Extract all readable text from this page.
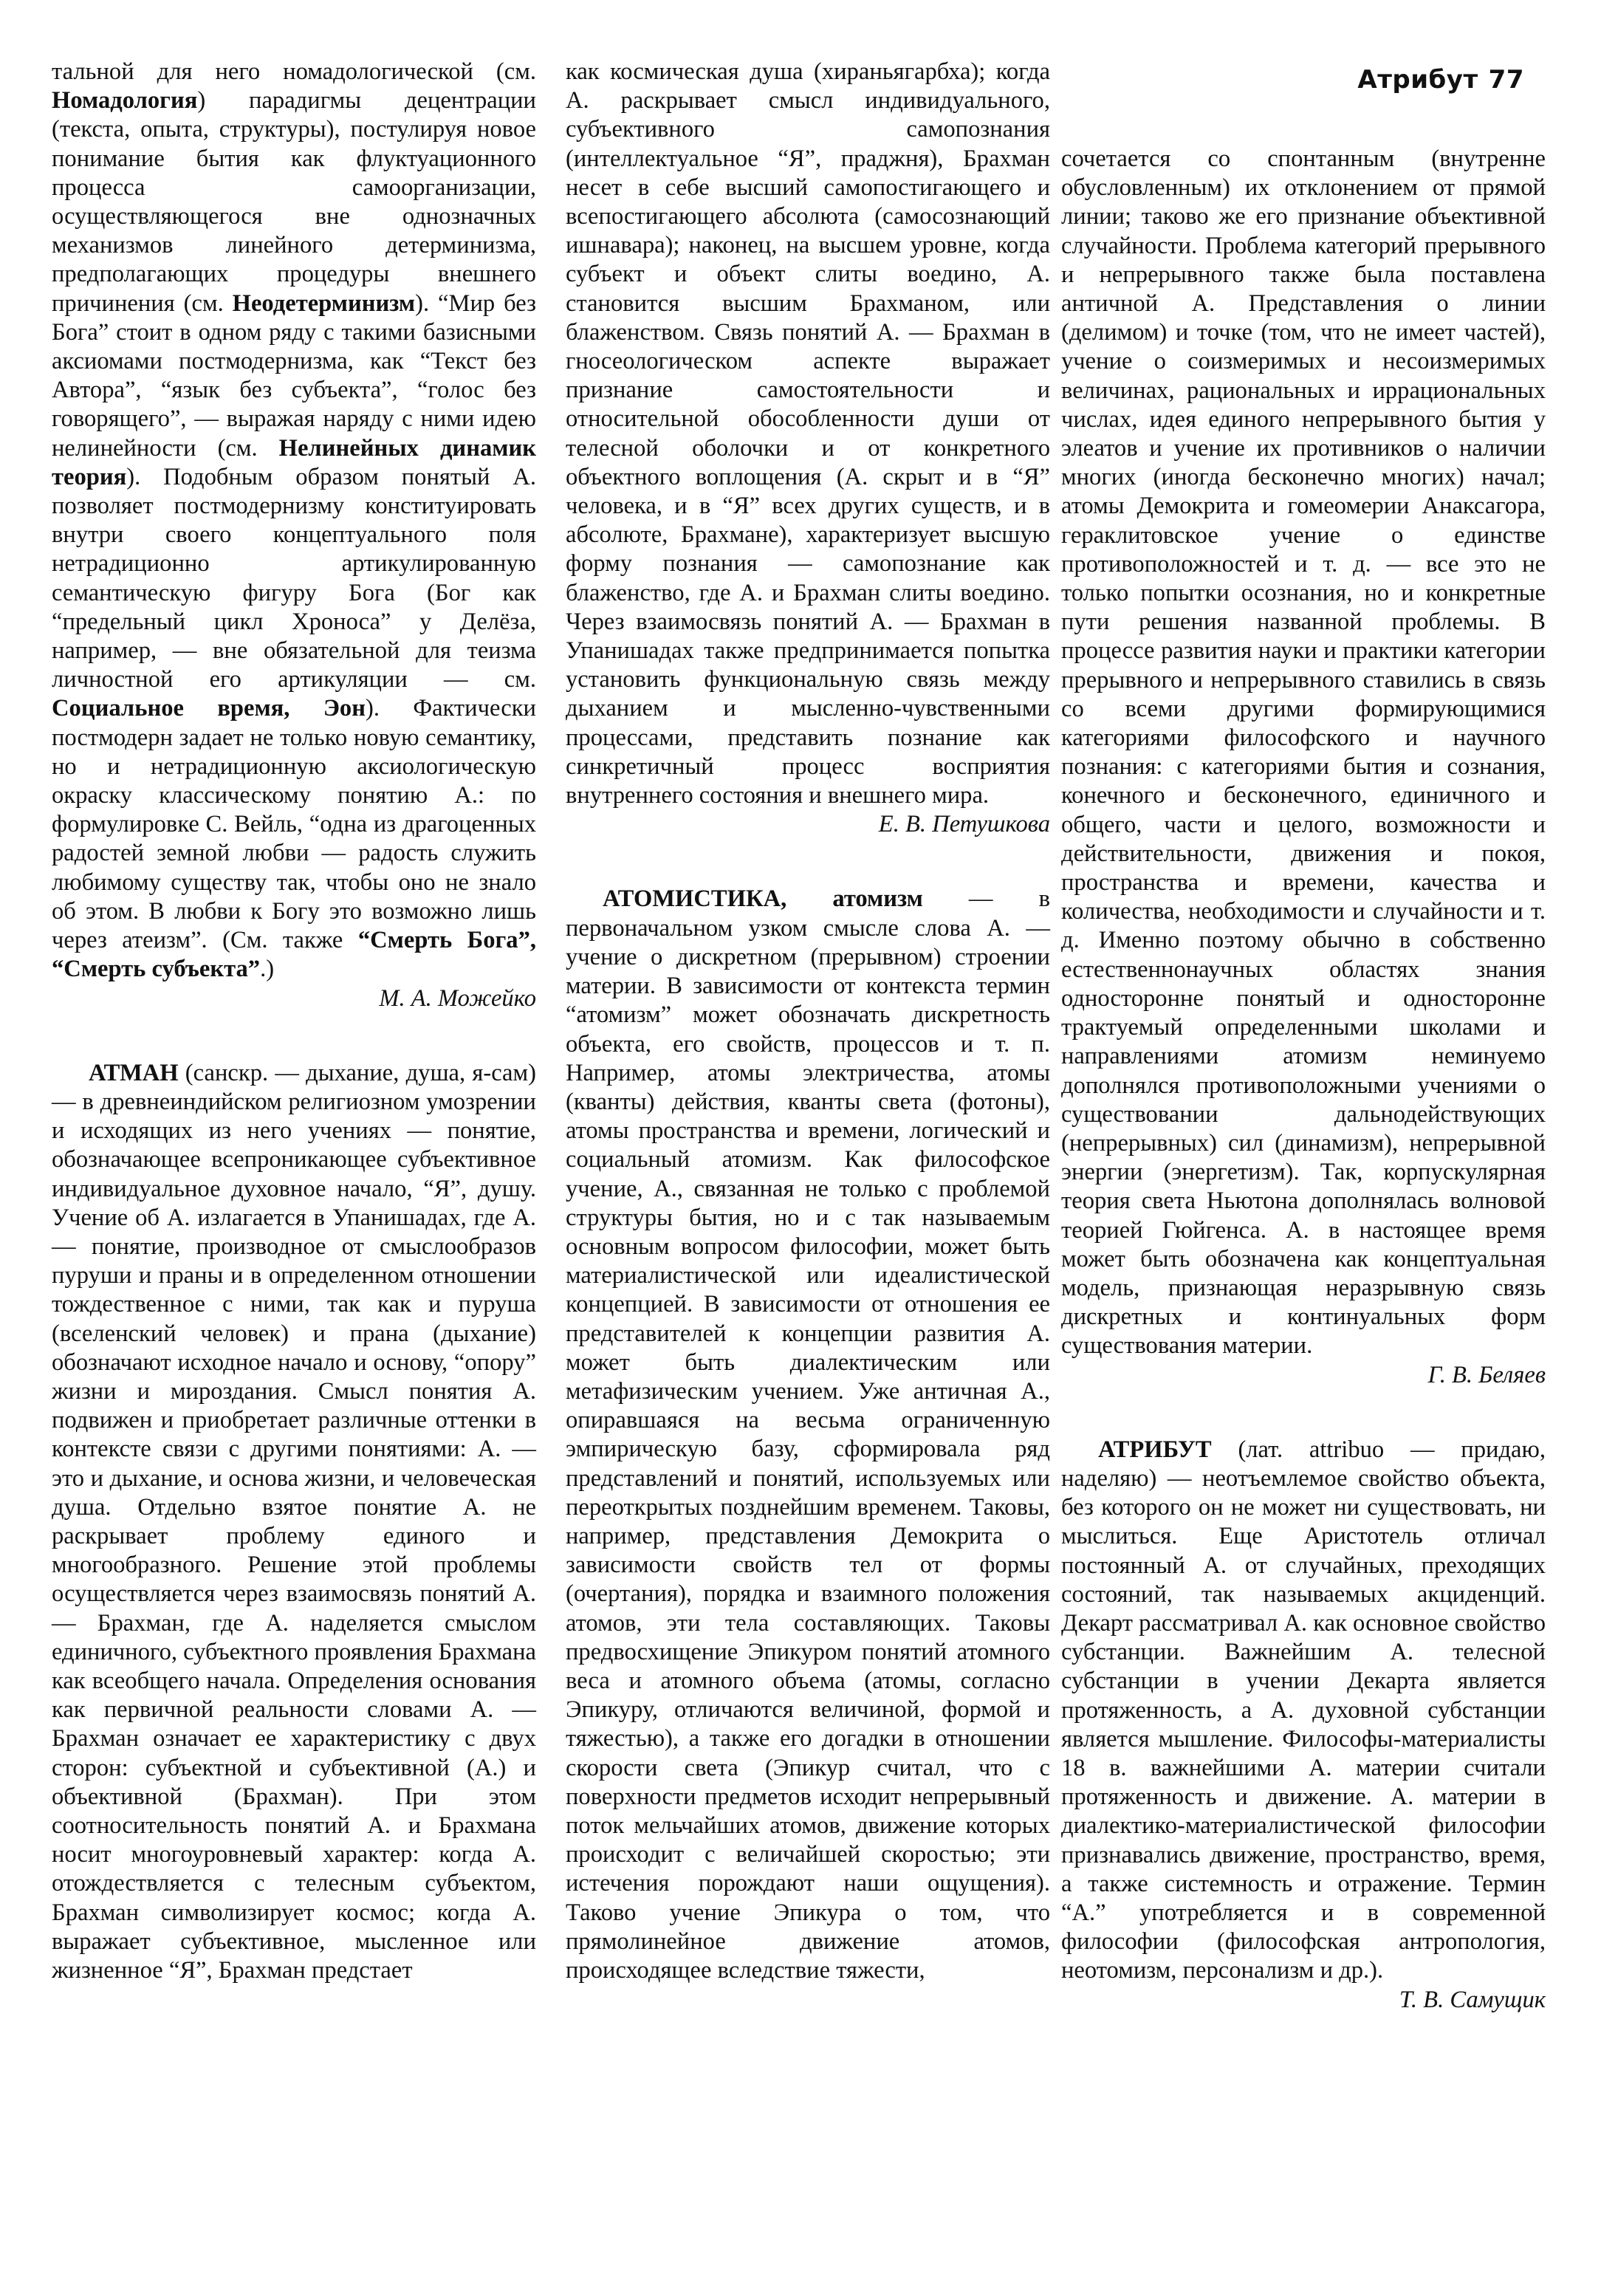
Атрибут 77

тальной для него номадологической (см. Номадология) парадигмы децентрации (текста, опыта, структуры), постулируя новое понимание бытия как флуктуационного процесса самоорганизации, осуществляющегося вне однозначных механизмов линейного детерминизма, предполагающих процедуры внешнего причинения (см. Неодетерминизм). “Мир без Бога” стоит в одном ряду с такими базисными аксиомами постмодернизма, как “Текст без Автора”, “язык без субъекта”, “голос без говорящего”, — выражая наряду с ними идею нелинейности (см. Нелинейных динамик теория). Подобным образом понятый А. позволяет постмодернизму конституировать внутри своего концептуального поля нетрадиционно артикулированную семантическую фигуру Бога (Бог как “предельный цикл Хроноса” у Делёза, например, — вне обязательной для теизма личностной его артикуляции — см. Социальное время, Эон). Фактически постмодерн задает не только новую семантику, но и нетрадиционную аксиологическую окраску классическому понятию А.: по формулировке С. Вейль, “одна из драгоценных радостей земной любви — радость служить любимому существу так, чтобы оно не знало об этом. В любви к Богу это возможно лишь через атеизм”. (См. также “Смерть Бога”, “Смерть субъекта”.)

М. А. Можейко

АТМАН (санскр. — дыхание, душа, я-сам) — в древнеиндийском религиозном умозрении и исходящих из него учениях — понятие, обозначающее всепроникающее субъективное индивидуальное духовное начало, “Я”, душу. Учение об А. излагается в Упанишадах, где А. — понятие, производное от смыслообразов пуруши и праны и в определенном отношении тождественное с ними, так как и пуруша (вселенский человек) и прана (дыхание) обозначают исходное начало и основу, “опору” жизни и мироздания. Смысл понятия А. подвижен и приобретает различные оттенки в контексте связи с другими понятиями: А. — это и дыхание, и основа жизни, и человеческая душа. Отдельно взятое понятие А. не раскрывает проблему единого и многообразного. Решение этой проблемы осуществляется через взаимосвязь понятий А. — Брахман, где А. наделяется смыслом единичного, субъектного проявления Брахмана как всеобщего начала. Определения основания как первичной реальности словами А. — Брахман означает ее характеристику с двух сторон: субъектной и субъективной (А.) и объективной (Брахман). При этом соотносительность понятий А. и Брахмана носит многоуровневый характер: когда А. отождествляется с телесным субъектом, Брахман символизирует космос; когда А. выражает субъективное, мысленное или жизненное “Я”, Брахман предстает

как космическая душа (хираньягарбха); когда А. раскрывает смысл индивидуального, субъективного самопознания (интеллектуальное “Я”, праджня), Брахман несет в себе высший самопостигающего и всепостигающего абсолюта (самосознающий ишнавара); наконец, на высшем уровне, когда субъект и объект слиты воедино, А. становится высшим Брахманом, или блаженством. Связь понятий А. — Брахман в гносеологическом аспекте выражает признание самостоятельности и относительной обособленности души от телесной оболочки и от конкретного объектного воплощения (А. скрыт и в “Я” человека, и в “Я” всех других существ, и в абсолюте, Брахмане), характеризует высшую форму познания — самопознание как блаженство, где А. и Брахман слиты воедино. Через взаимосвязь понятий А. — Брахман в Упанишадах также предпринимается попытка установить функциональную связь между дыханием и мысленно-чувственными процессами, представить познание как синкретичный процесс восприятия внутреннего состояния и внешнего мира.

Е. В. Петушкова

АТОМИСТИКА, атомизм — в первоначальном узком смысле слова А. — учение о дискретном (прерывном) строении материи. В зависимости от контекста термин “атомизм” может обозначать дискретность объекта, его свойств, процессов и т. п. Например, атомы электричества, атомы (кванты) действия, кванты света (фотоны), атомы пространства и времени, логический и социальный атомизм. Как философское учение, А., связанная не только с проблемой структуры бытия, но и с так называемым основным вопросом философии, может быть материалистической или идеалистической концепцией. В зависимости от отношения ее представителей к концепции развития А. может быть диалектическим или метафизическим учением. Уже античная А., опиравшаяся на весьма ограниченную эмпирическую базу, сформировала ряд представлений и понятий, используемых или переоткрытых позднейшим временем. Таковы, например, представления Демокрита о зависимости свойств тел от формы (очертания), порядка и взаимного положения атомов, эти тела составляющих. Таковы предвосхищение Эпикуром понятий атомного веса и атомного объема (атомы, согласно Эпикуру, отличаются величиной, формой и тяжестью), а также его догадки в отношении скорости света (Эпикур считал, что с поверхности предметов исходит непрерывный поток мельчайших атомов, движение которых происходит с величайшей скоростью; эти истечения порождают наши ощущения). Таково учение Эпикура о том, что прямолинейное движение атомов, происходящее вследствие тяжести,

сочетается со спонтанным (внутренне обусловленным) их отклонением от прямой линии; таково же его признание объективной случайности. Проблема категорий прерывного и непрерывного также была поставлена античной А. Представления о линии (делимом) и точке (том, что не имеет частей), учение о соизмеримых и несоизмеримых величинах, рациональных и иррациональных числах, идея единого непрерывного бытия у элеатов и учение их противников о наличии многих (иногда бесконечно многих) начал; атомы Демокрита и гомеомерии Анаксагора, гераклитовское учение о единстве противоположностей и т. д. — все это не только попытки осознания, но и конкретные пути решения названной проблемы. В процессе развития науки и практики категории прерывного и непрерывного ставились в связь со всеми другими формирующимися категориями философского и научного познания: с категориями бытия и сознания, конечного и бесконечного, единичного и общего, части и целого, возможности и действительности, движения и покоя, пространства и времени, качества и количества, необходимости и случайности и т. д. Именно поэтому обычно в собственно естественнонаучных областях знания односторонне понятый и односторонне трактуемый определенными школами и направлениями атомизм неминуемо дополнялся противоположными учениями о существовании дальнодействующих (непрерывных) сил (динамизм), непрерывной энергии (энергетизм). Так, корпускулярная теория света Ньютона дополнялась волновой теорией Гюйгенса. А. в настоящее время может быть обозначена как концептуальная модель, признающая неразрывную связь дискретных и континуальных форм существования материи.

Г. В. Беляев

АТРИБУТ (лат. attribuo — придаю, наделяю) — неотъемлемое свойство объекта, без которого он не может ни существовать, ни мыслиться. Еще Аристотель отличал постоянный А. от случайных, преходящих состояний, так называемых акциденций. Декарт рассматривал А. как основное свойство субстанции. Важнейшим А. телесной субстанции в учении Декарта является протяженность, а А. духовной субстанции является мышление. Философы-материалисты 18 в. важнейшими А. материи считали протяженность и движение. А. материи в диалектико-материалистической философии признавались движение, пространство, время, а также системность и отражение. Термин “А.” употребляется и в современной философии (философская антропология, неотомизм, персонализм и др.).

Т. В. Самущик
